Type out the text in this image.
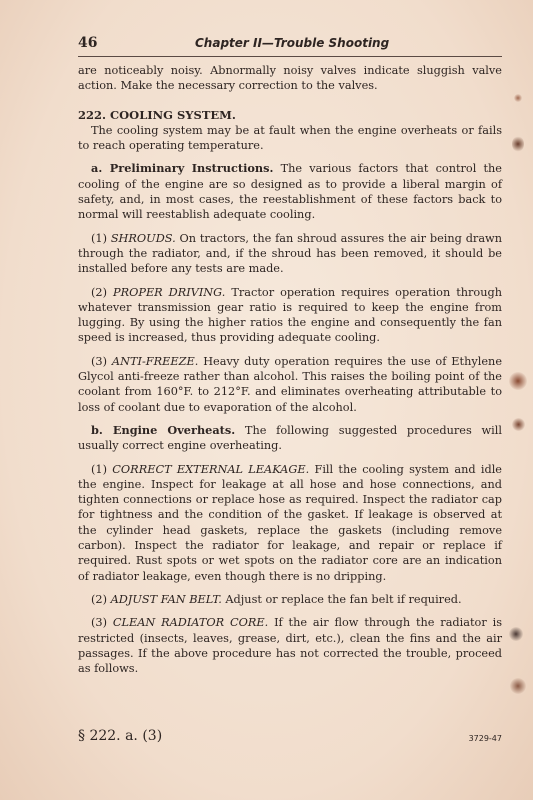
46	Chapter II—Trouble Shooting

are noticeably noisy. Abnormally noisy valves indicate sluggish valve action. Make the necessary correction to the valves.

222. COOLING SYSTEM.

The cooling system may be at fault when the engine overheats or fails to reach operating temperature.

a. Preliminary Instructions. The various factors that control the cooling of the engine are so designed as to provide a liberal margin of safety, and, in most cases, the reestablishment of these factors back to normal will reestablish adequate cooling.

(1) SHROUDS. On tractors, the fan shroud assures the air being drawn through the radiator, and, if the shroud has been removed, it should be installed before any tests are made.

(2) PROPER DRIVING. Tractor operation requires operation through whatever transmission gear ratio is required to keep the engine from lugging. By using the higher ratios the engine and consequently the fan speed is increased, thus providing adequate cooling.

(3) ANTI-FREEZE. Heavy duty operation requires the use of Ethylene Glycol anti-freeze rather than alcohol. This raises the boiling point of the coolant from 160°F. to 212°F. and eliminates overheating attributable to loss of coolant due to evaporation of the alcohol.

b. Engine Overheats. The following suggested procedures will usually correct engine overheating.

(1) CORRECT EXTERNAL LEAKAGE. Fill the cooling system and idle the engine. Inspect for leakage at all hose and hose connections, and tighten connections or replace hose as required. Inspect the radiator cap for tightness and the condition of the gasket. If leakage is observed at the cylinder head gaskets, replace the gaskets (including remove carbon). Inspect the radiator for leakage, and repair or replace if required. Rust spots or wet spots on the radiator core are an indication of radiator leakage, even though there is no dripping.

(2) ADJUST FAN BELT. Adjust or replace the fan belt if required.

(3) CLEAN RADIATOR CORE. If the air flow through the radiator is restricted (insects, leaves, grease, dirt, etc.), clean the fins and the air passages. If the above procedure has not corrected the trouble, proceed as follows.

§ 222. a. (3)	3729-47
